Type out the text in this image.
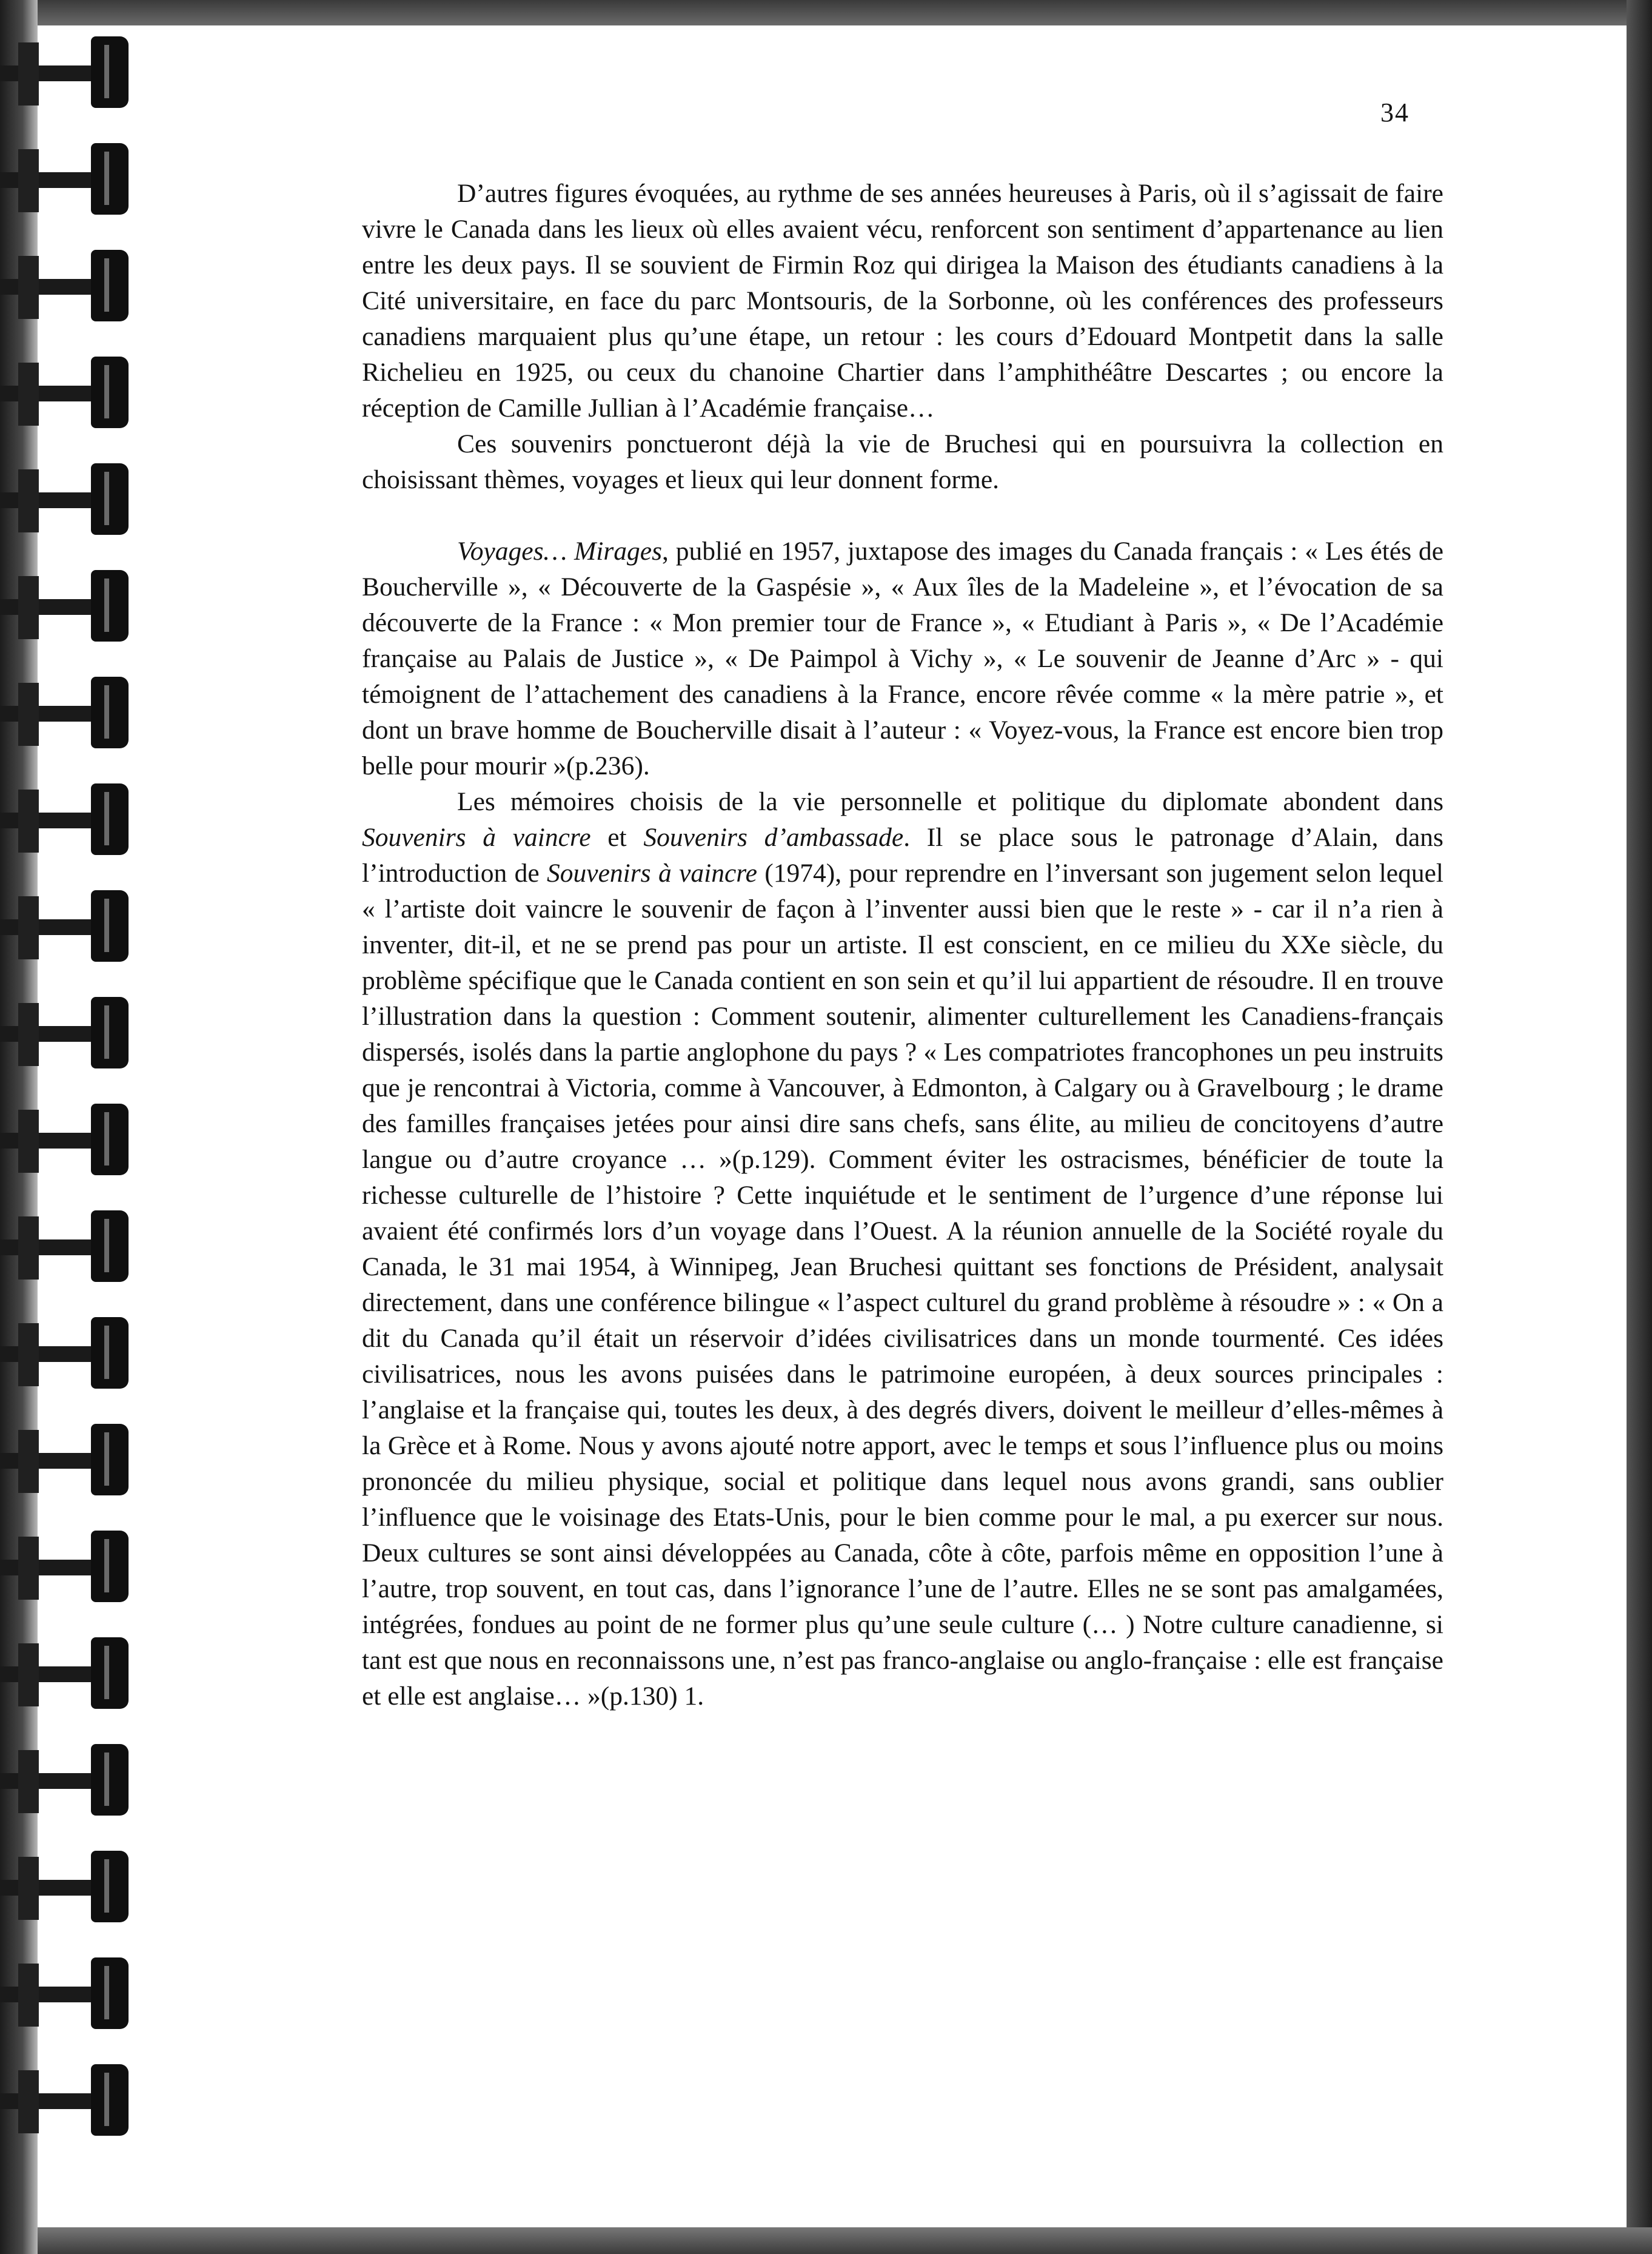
34

D’autres figures évoquées, au rythme de ses années heureuses à Paris, où il s’agissait de faire vivre le Canada dans les lieux où elles avaient vécu, renforcent son sentiment d’appartenance au lien entre les deux pays. Il se souvient de Firmin Roz qui dirigea la Maison des étudiants canadiens à la Cité universitaire, en face du parc Montsouris, de la Sorbonne, où les conférences des professeurs canadiens marquaient plus qu’une étape, un retour : les cours d’Edouard Montpetit dans la salle Richelieu en 1925, ou ceux du chanoine Chartier dans l’amphithéâtre Descartes ; ou encore la réception de Camille Jullian à l’Académie française…

Ces souvenirs ponctueront déjà la vie de Bruchesi qui en poursuivra la collection en choisissant thèmes, voyages et lieux qui leur donnent forme.

Voyages… Mirages, publié en 1957, juxtapose des images du Canada français : « Les étés de Boucherville », « Découverte de la Gaspésie », « Aux îles de la Madeleine », et l’évocation de sa découverte de la France : « Mon premier tour de France », « Etudiant à Paris », « De l’Académie française au Palais de Justice », « De Paimpol à Vichy », « Le souvenir de Jeanne d’Arc » - qui témoignent de l’attachement des canadiens à la France, encore rêvée comme « la mère patrie », et dont un brave homme de Boucherville disait à l’auteur : « Voyez-vous, la France est encore bien trop belle pour mourir »(p.236).

Les mémoires choisis de la vie personnelle et politique du diplomate abondent dans Souvenirs à vaincre et Souvenirs d’ambassade. Il se place sous le patronage d’Alain, dans l’introduction de Souvenirs à vaincre (1974), pour reprendre en l’inversant son jugement selon lequel « l’artiste doit vaincre le souvenir de façon à l’inventer aussi bien que le reste » - car il n’a rien à inventer, dit-il, et ne se prend pas pour un artiste. Il est conscient, en ce milieu du XXe siècle, du problème spécifique que le Canada contient en son sein et qu’il lui appartient de résoudre. Il en trouve l’illustration dans la question : Comment soutenir, alimenter culturellement les Canadiens-français dispersés, isolés dans la partie anglophone du pays ? « Les compatriotes francophones un peu instruits que je rencontrai à Victoria, comme à Vancouver, à Edmonton, à Calgary ou à Gravelbourg ; le drame des familles françaises jetées pour ainsi dire sans chefs, sans élite, au milieu de concitoyens d’autre langue ou d’autre croyance … »(p.129). Comment éviter les ostracismes, bénéficier de toute la richesse culturelle de l’histoire ? Cette inquiétude et le sentiment de l’urgence d’une réponse lui avaient été confirmés lors d’un voyage dans l’Ouest. A la réunion annuelle de la Société royale du Canada, le 31 mai 1954, à Winnipeg, Jean Bruchesi quittant ses fonctions de Président, analysait directement, dans une conférence bilingue « l’aspect culturel du grand problème à résoudre » : « On a dit du Canada qu’il était un réservoir d’idées civilisatrices dans un monde tourmenté. Ces idées civilisatrices, nous les avons puisées dans le patrimoine européen, à deux sources principales : l’anglaise et la française qui, toutes les deux, à des degrés divers, doivent le meilleur d’elles-mêmes à la Grèce et à Rome. Nous y avons ajouté notre apport, avec le temps et sous l’influence plus ou moins prononcée du milieu physique, social et politique dans lequel nous avons grandi, sans oublier l’influence que le voisinage des Etats-Unis, pour le bien comme pour le mal, a pu exercer sur nous. Deux cultures se sont ainsi développées au Canada, côte à côte, parfois même en opposition l’une à l’autre, trop souvent, en tout cas, dans l’ignorance l’une de l’autre. Elles ne se sont pas amalgamées, intégrées, fondues au point de ne former plus qu’une seule culture (… ) Notre culture canadienne, si tant est que nous en reconnaissons une, n’est pas franco-anglaise ou anglo-française : elle est française et elle est anglaise… »(p.130) 1.
